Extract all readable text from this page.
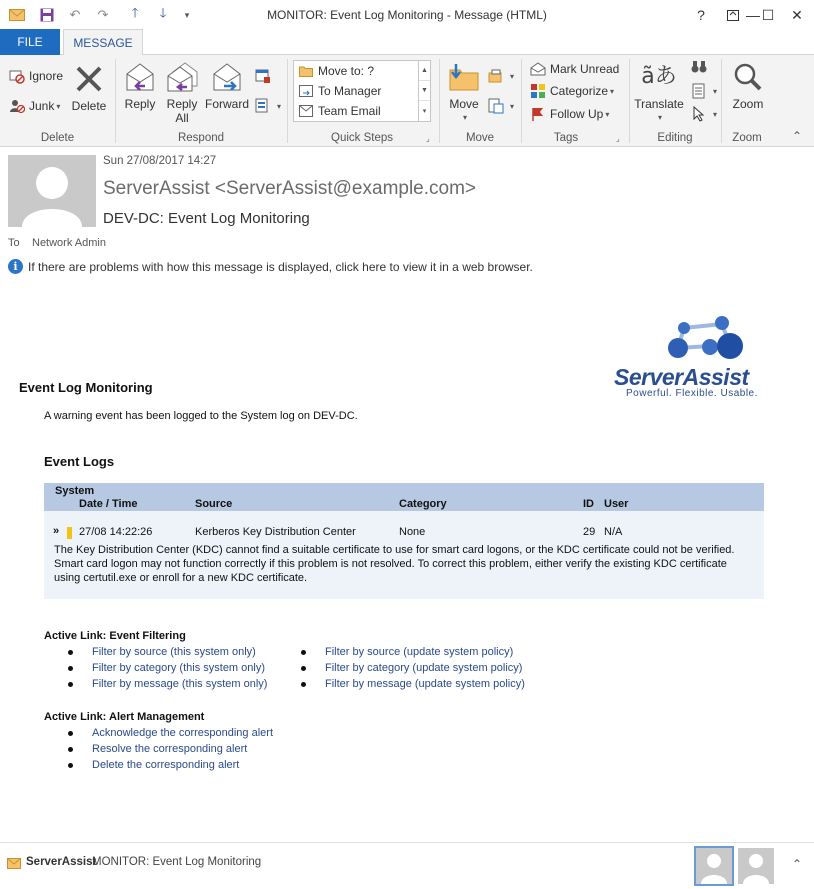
↶ ↷	🡑	🡓	▾	MONITOR: Event Log Monitoring - Message (HTML)	?	— ☐	✕
FILE	MESSAGE
Ignore
Junk ▾ Delete
Delete
Reply Reply
All
Forward	▾
Respond
Move to: ?
To Manager
Team Email
▲
▼
▾
Quick Steps	⌟
Move
▾
▾
▾
Move
Mark Unread
Categorize ▾
Follow Up ▾
Tags	⌟
a͂あ
Translate
▾
▾
▾
Editing
Zoom
Zoom	⌃
Sun 27/08/2017 14:27
ServerAssist <ServerAssist@example.com>
DEV-DC: Event Log Monitoring
To Network Admin
i If there are problems with how this message is displayed, click here to view it in a web browser.
ServerAssist
Powerful. Flexible. Usable.
Event Log Monitoring
A warning event has been logged to the System log on DEV-DC.
Event Logs
System
Date / Time	Source	Category	ID User
» 27/08 14:22:26	Kerberos Key Distribution Center	None	29 N/A
The Key Distribution Center (KDC) cannot find a suitable certificate to use for smart card logons, or the KDC certificate could not be verified. Smart card logon may not function correctly if this problem is not resolved. To correct this problem, either verify the existing KDC certificate using certutil.exe or enroll for a new KDC certificate.
Active Link: Event Filtering
Filter by source (this system only)
Filter by category (this system only)
Filter by message (this system only)
Filter by source (update system policy)
Filter by category (update system policy)
Filter by message (update system policy)
Active Link: Alert Management
Acknowledge the corresponding alert
Resolve the corresponding alert
Delete the corresponding alert
ServerAssist
MONITOR: Event Log Monitoring	⌃
